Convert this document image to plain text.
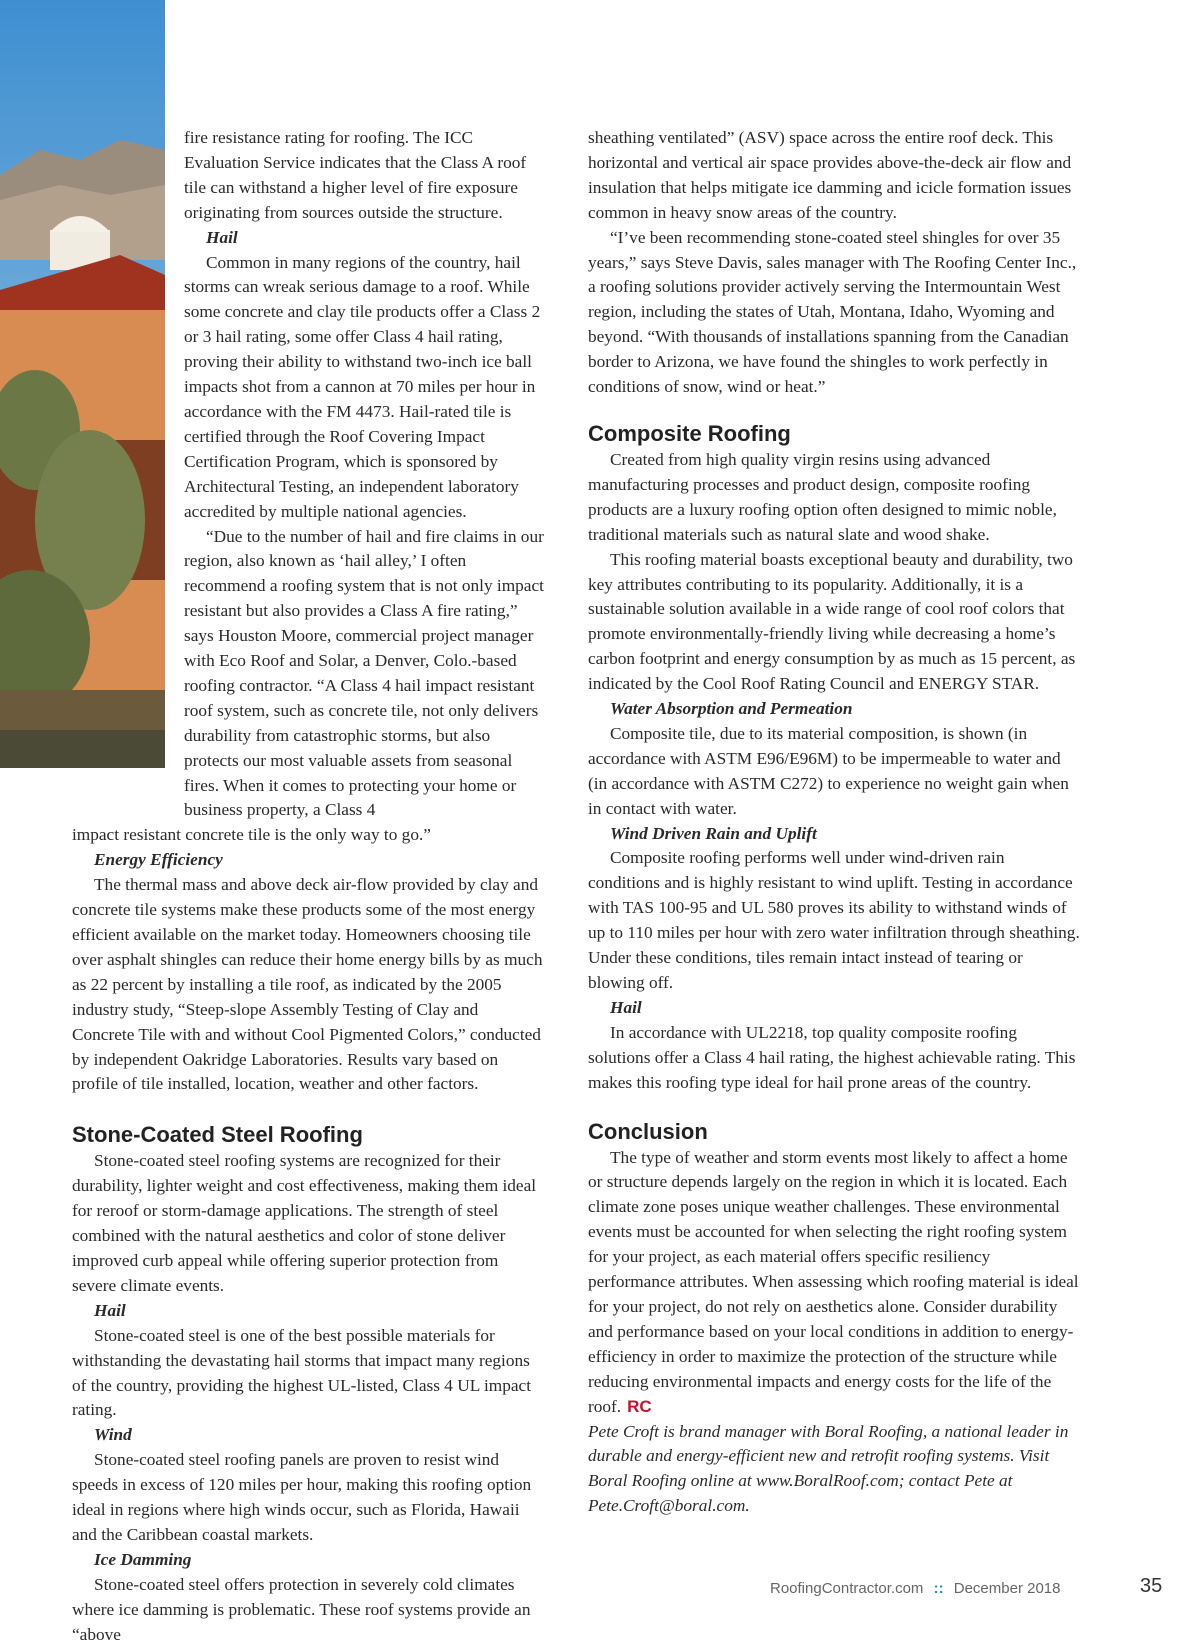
fire resistance rating for roofing. The ICC Evaluation Service indicates that the Class A roof tile can withstand a higher level of fire exposure originating from sources outside the structure.

Hail

Common in many regions of the country, hail storms can wreak serious damage to a roof. While some concrete and clay tile products offer a Class 2 or 3 hail rating, some offer Class 4 hail rating, proving their ability to withstand two-inch ice ball impacts shot from a cannon at 70 miles per hour in accordance with the FM 4473. Hail-rated tile is certified through the Roof Covering Impact Certification Program, which is sponsored by Architectural Testing, an independent laboratory accredited by multiple national agencies.

“Due to the number of hail and fire claims in our region, also known as ‘hail alley,’ I often recommend a roofing system that is not only impact resistant but also provides a Class A fire rating,” says Houston Moore, commercial project manager with Eco Roof and Solar, a Denver, Colo.-based roofing contractor. “A Class 4 hail impact resistant roof system, such as concrete tile, not only delivers durability from catastrophic storms, but also protects our most valuable assets from seasonal fires. When it comes to protecting your home or business property, a Class 4

impact resistant concrete tile is the only way to go.”

Energy Efficiency

The thermal mass and above deck air-flow provided by clay and concrete tile systems make these products some of the most energy efficient available on the market today. Homeowners choosing tile over asphalt shingles can reduce their home energy bills by as much as 22 percent by installing a tile roof, as indicated by the 2005 industry study, “Steep-slope Assembly Testing of Clay and Concrete Tile with and without Cool Pigmented Colors,” conducted by independent Oakridge Laboratories. Results vary based on profile of tile installed, location, weather and other factors.

Stone-Coated Steel Roofing

Stone-coated steel roofing systems are recognized for their durability, lighter weight and cost effectiveness, making them ideal for reroof or storm-damage applications. The strength of steel combined with the natural aesthetics and color of stone deliver improved curb appeal while offering superior protection from severe climate events.

Hail

Stone-coated steel is one of the best possible materials for withstanding the devastating hail storms that impact many regions of the country, providing the highest UL-listed, Class 4 UL impact rating.

Wind

Stone-coated steel roofing panels are proven to resist wind speeds in excess of 120 miles per hour, making this roofing option ideal in regions where high winds occur, such as Florida, Hawaii and the Caribbean coastal markets.

Ice Damming

Stone-coated steel offers protection in severely cold climates where ice damming is problematic. These roof systems provide an “above

sheathing ventilated” (ASV) space across the entire roof deck. This horizontal and vertical air space provides above-the-deck air flow and insulation that helps mitigate ice damming and icicle formation issues common in heavy snow areas of the country.

“I’ve been recommending stone-coated steel shingles for over 35 years,” says Steve Davis, sales manager with The Roofing Center Inc., a roofing solutions provider actively serving the Intermountain West region, including the states of Utah, Montana, Idaho, Wyoming and beyond. “With thousands of installations spanning from the Canadian border to Arizona, we have found the shingles to work perfectly in conditions of snow, wind or heat.”

Composite Roofing

Created from high quality virgin resins using advanced manufacturing processes and product design, composite roofing products are a luxury roofing option often designed to mimic noble, traditional materials such as natural slate and wood shake.

This roofing material boasts exceptional beauty and durability, two key attributes contributing to its popularity. Additionally, it is a sustainable solution available in a wide range of cool roof colors that promote environmentally-friendly living while decreasing a home’s carbon footprint and energy consumption by as much as 15 percent, as indicated by the Cool Roof Rating Council and ENERGY STAR.

Water Absorption and Permeation

Composite tile, due to its material composition, is shown (in accordance with ASTM E96/E96M) to be impermeable to water and (in accordance with ASTM C272) to experience no weight gain when in contact with water.

Wind Driven Rain and Uplift

Composite roofing performs well under wind-driven rain conditions and is highly resistant to wind uplift. Testing in accordance with TAS 100-95 and UL 580 proves its ability to withstand winds of up to 110 miles per hour with zero water infiltration through sheathing. Under these conditions, tiles remain intact instead of tearing or blowing off.

Hail

In accordance with UL2218, top quality composite roofing solutions offer a Class 4 hail rating, the highest achievable rating. This makes this roofing type ideal for hail prone areas of the country.

Conclusion

The type of weather and storm events most likely to affect a home or structure depends largely on the region in which it is located. Each climate zone poses unique weather challenges. These environmental events must be accounted for when selecting the right roofing system for your project, as each material offers specific resiliency performance attributes. When assessing which roofing material is ideal for your project, do not rely on aesthetics alone. Consider durability and performance based on your local conditions in addition to energy-efficiency in order to maximize the protection of the structure while reducing environmental impacts and energy costs for the life of the roof. RC

Pete Croft is brand manager with Boral Roofing, a national leader in durable and energy-efficient new and retrofit roofing systems. Visit Boral Roofing online at www.BoralRoof.com; contact Pete at Pete.Croft@boral.com.

RoofingContractor.com :: December 2018	35
